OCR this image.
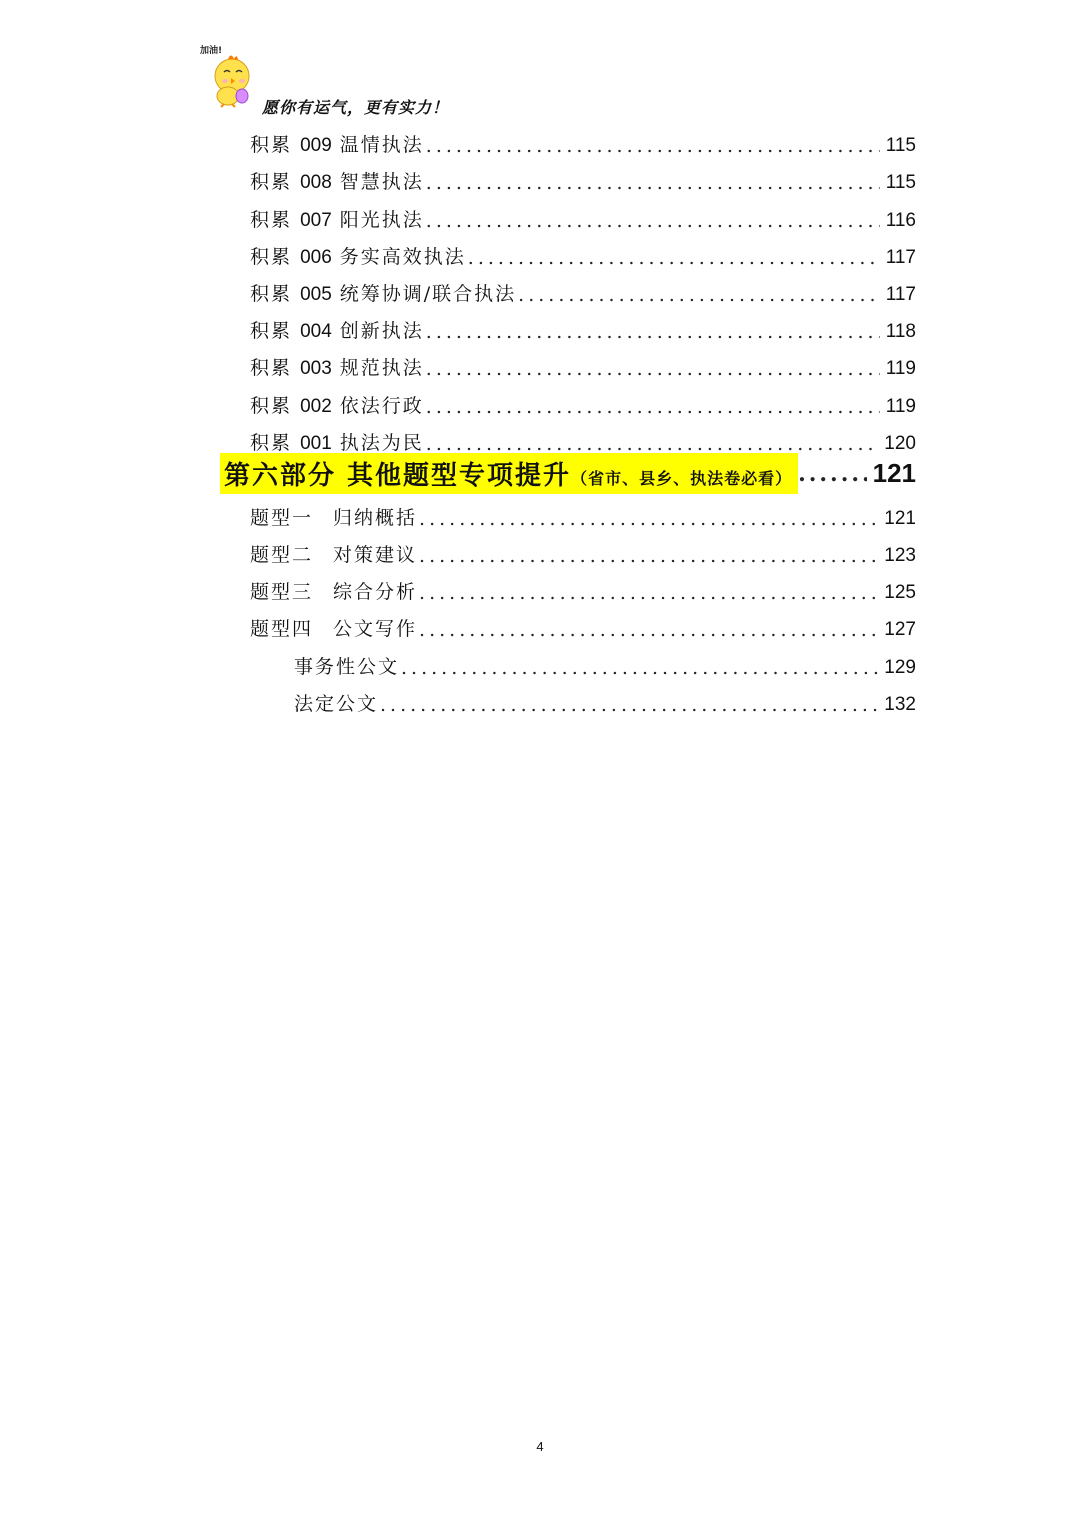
加油!
愿你有运气，更有实力！
积累 009 温情执法 .....	115
积累 008 智慧执法 .....	115
积累 007 阳光执法 .....	116
积累 006 务实高效执法 .....	117
积累 005 统筹协调/联合执法 .....	117
积累 004 创新执法 .....	118
积累 003 规范执法 .....	119
积累 002 依法行政 .....	119
积累 001 执法为民 .....	120
第六部分 其他题型专项提升（省市、县乡、执法卷必看） .....	121
题型一 归纳概括 .....	121
题型二 对策建议 .....	123
题型三 综合分析 .....	125
题型四 公文写作 .....	127
事务性公文 .....	129
法定公文 .....	132
4
